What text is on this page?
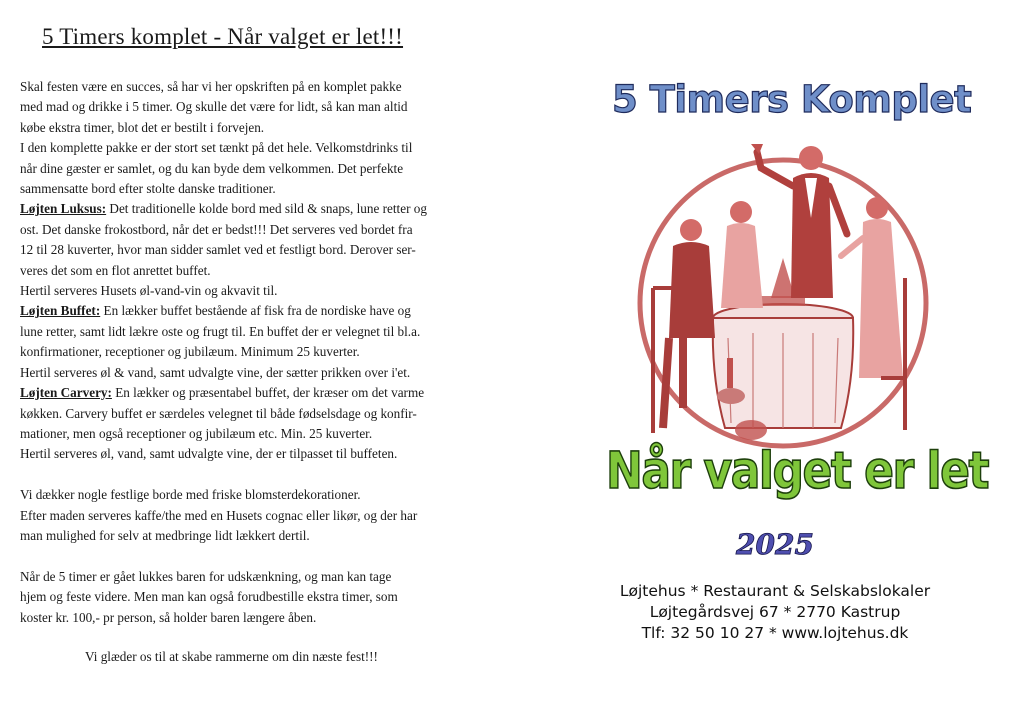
5 Timers komplet - Når valget er let!!!

Skal festen være en succes, så har vi her opskriften på en komplet pakke

med mad og drikke i 5 timer. Og skulle det være for lidt, så kan man altid

købe ekstra timer, blot det er bestilt i forvejen.

I den komplette pakke er der stort set tænkt på det hele. Velkomstdrinks til

når dine gæster er samlet, og du kan byde dem velkommen. Det perfekte

sammensatte bord efter stolte danske traditioner.

Løjten Luksus: Det traditionelle kolde bord med sild & snaps, lune retter og

ost. Det danske frokostbord, når det er bedst!!! Det serveres ved bordet fra

12 til 28 kuverter, hvor man sidder samlet ved et festligt bord. Derover ser-

veres det som en flot anrettet buffet.

Hertil serveres Husets øl-vand-vin og akvavit til.

Løjten Buffet: En lækker buffet bestående af fisk fra de nordiske have og

lune retter, samt lidt lækre oste og frugt til. En buffet der er velegnet til bl.a.

konfirmationer, receptioner og jubilæum. Minimum 25 kuverter.

Hertil serveres øl & vand, samt udvalgte vine, der sætter prikken over i'et.

Løjten Carvery: En lækker og præsentabel buffet, der kræser om det varme

køkken. Carvery buffet er særdeles velegnet til både fødselsdage og konfir-

mationer, men også receptioner og jubilæum etc. Min. 25 kuverter.

Hertil serveres øl, vand, samt udvalgte vine, der er tilpasset til buffeten.

Vi dækker nogle festlige borde med friske blomsterdekorationer.

Efter maden serveres kaffe/the med en Husets cognac eller likør, og der har

man mulighed for selv at medbringe lidt lækkert dertil.

Når de 5 timer er gået lukkes baren for udskænkning, og man kan tage

hjem og feste videre. Men man kan også forudbestille ekstra timer, som

koster kr. 100,- pr person, så holder baren længere åben.

Vi glæder os til at skabe rammerne om din næste fest!!!
5 Timers Komplet
Når valget er let
2025
Løjtehus * Restaurant & Selskabslokaler
Løjtegårdsvej 67 * 2770 Kastrup
Tlf: 32 50 10 27 * www.lojtehus.dk
